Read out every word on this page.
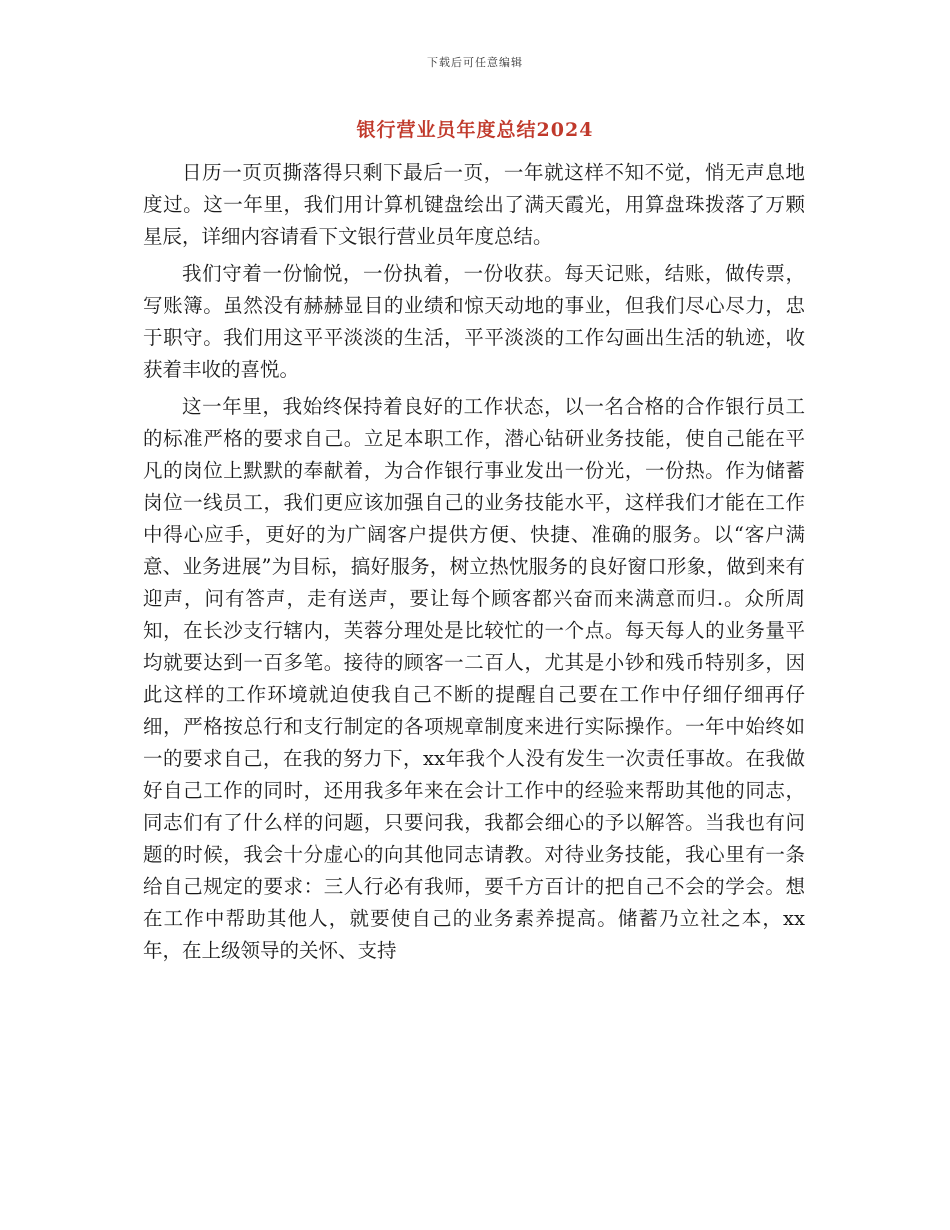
下载后可任意编辑
银行营业员年度总结2024

日历一页页撕落得只剩下最后一页，一年就这样不知不觉，悄无声息地度过。这一年里，我们用计算机键盘绘出了满天霞光，用算盘珠拨落了万颗星辰，详细内容请看下文银行营业员年度总结。

我们守着一份愉悦，一份执着，一份收获。每天记账，结账，做传票，写账簿。虽然没有赫赫显目的业绩和惊天动地的事业，但我们尽心尽力，忠于职守。我们用这平平淡淡的生活，平平淡淡的工作勾画出生活的轨迹，收获着丰收的喜悦。

这一年里，我始终保持着良好的工作状态，以一名合格的合作银行员工的标准严格的要求自己。立足本职工作，潜心钻研业务技能，使自己能在平凡的岗位上默默的奉献着，为合作银行事业发出一份光，一份热。作为储蓄岗位一线员工，我们更应该加强自己的业务技能水平，这样我们才能在工作中得心应手，更好的为广阔客户提供方便、快捷、准确的服务。以“客户满意、业务进展”为目标，搞好服务，树立热忱服务的良好窗口形象，做到来有迎声，问有答声，走有送声，要让每个顾客都兴奋而来满意而归.。众所周知，在长沙支行辖内，芙蓉分理处是比较忙的一个点。每天每人的业务量平均就要达到一百多笔。接待的顾客一二百人，尤其是小钞和残币特别多，因此这样的工作环境就迫使我自己不断的提醒自己要在工作中仔细仔细再仔细，严格按总行和支行制定的各项规章制度来进行实际操作。一年中始终如一的要求自己，在我的努力下，xx年我个人没有发生一次责任事故。在我做好自己工作的同时，还用我多年来在会计工作中的经验来帮助其他的同志，同志们有了什么样的问题，只要问我，我都会细心的予以解答。当我也有问题的时候，我会十分虚心的向其他同志请教。对待业务技能，我心里有一条给自己规定的要求：三人行必有我师，要千方百计的把自己不会的学会。想在工作中帮助其他人，就要使自己的业务素养提高。储蓄乃立社之本，xx年，在上级领导的关怀、支持
